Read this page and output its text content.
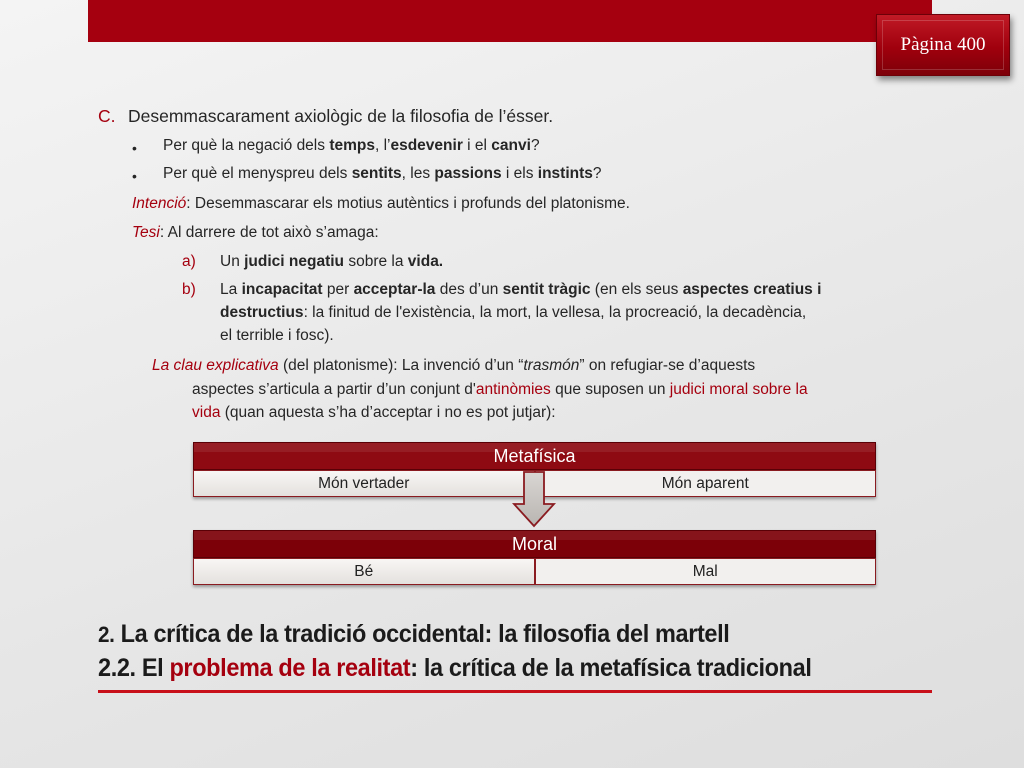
Pàgina 400
C. Desemmascarament axiològic de la filosofia de l’ésser.
• Per què la negació dels temps, l’esdevenir i el canvi?
• Per què el menyspreu dels sentits, les passions i els instints?
Intenció: Desemmascarar els motius autèntics i profunds del platonisme.
Tesi: Al darrere de tot això s’amaga:
a) Un judici negatiu sobre la vida.
b) La incapacitat per acceptar-la des d’un sentit tràgic (en els seus aspectes creatius i
destructius: la finitud de l'existència, la mort, la vellesa, la procreació, la decadència,
el terrible i fosc).
La clau explicativa (del platonisme): La invenció d’un “trasmón” on refugiar-se d’aquests
aspectes s’articula a partir d’un conjunt d'antinòmies que suposen un judici moral sobre la
vida (quan aquesta s’ha d’acceptar i no es pot jutjar):
Metafísica
Món vertader	Món aparent
Moral
Bé	Mal
2. La crítica de la tradició occidental: la filosofia del martell
2.2. El problema de la realitat: la crítica de la metafísica tradicional
